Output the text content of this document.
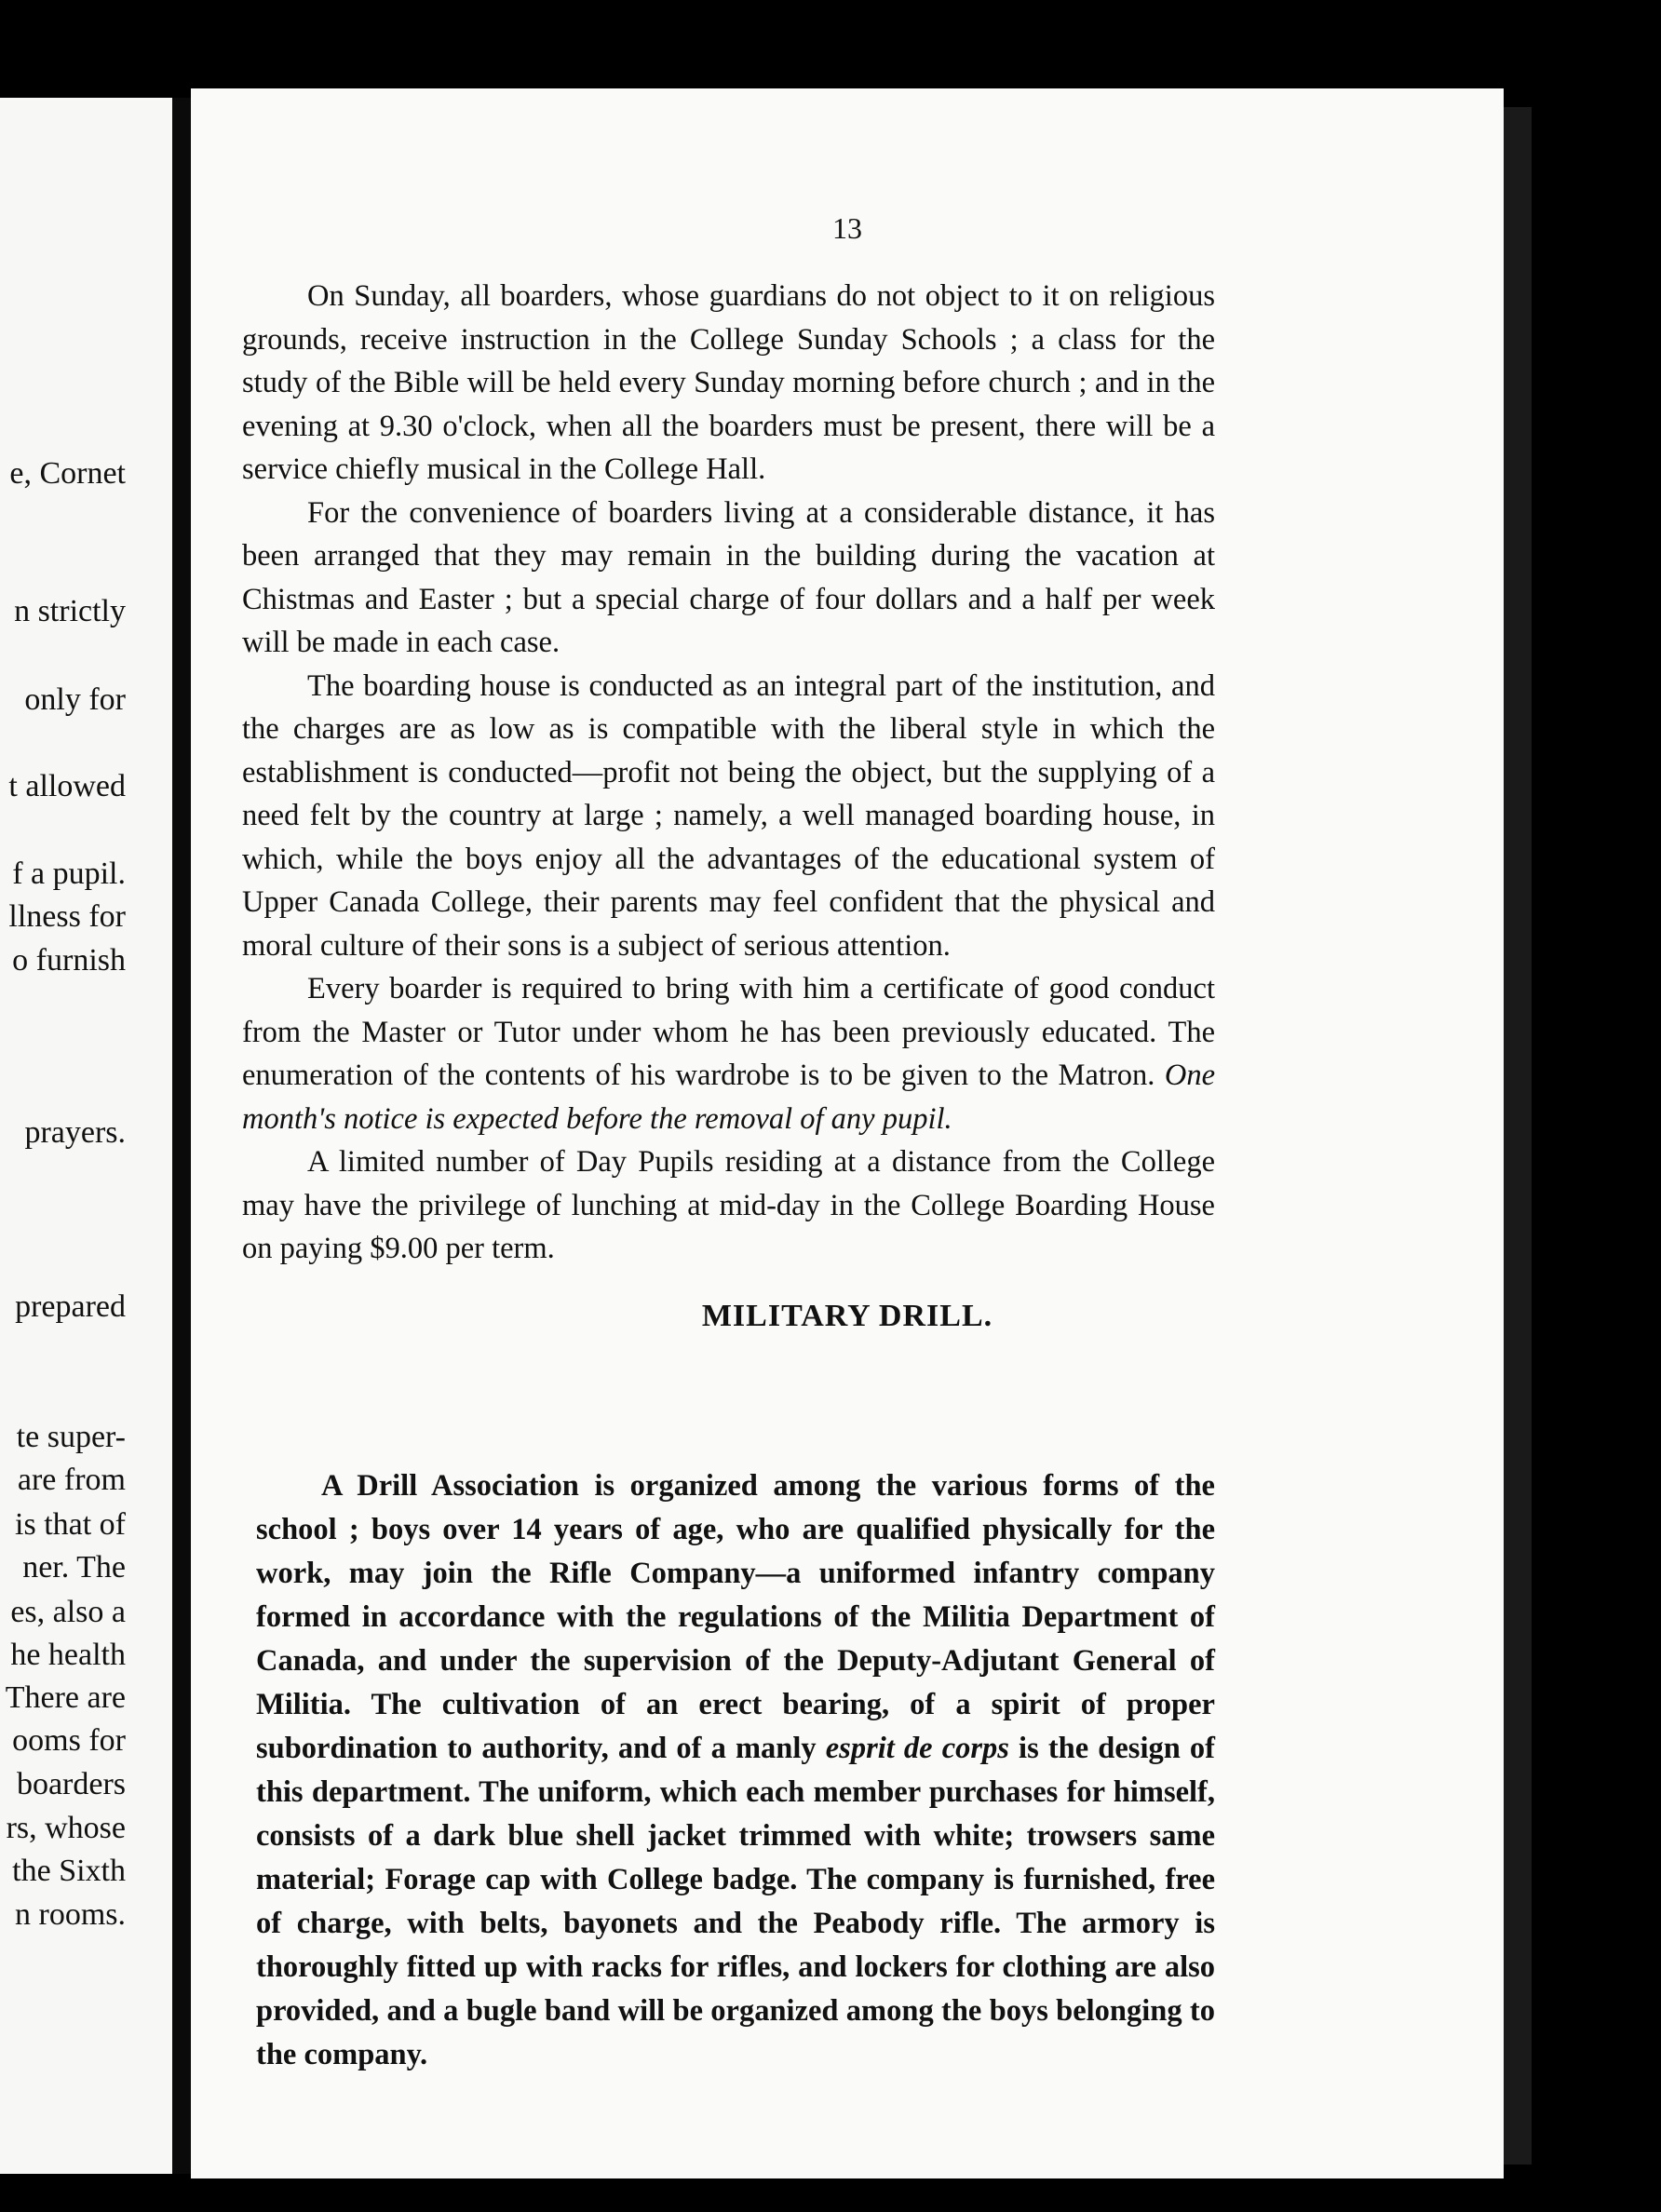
e, Cornet
n strictly
only for
t allowed
f a pupil.
llness for
o furnish
prayers.
prepared
te super-
are from
is that of
ner. The
es, also a
he health
There are
ooms for
boarders
rs, whose
the Sixth
n rooms.
13

On Sunday, all boarders, whose guardians do not object to it on religious grounds, receive instruction in the College Sunday Schools ; a class for the study of the Bible will be held every Sunday morning before church ; and in the evening at 9.30 o'clock, when all the boarders must be present, there will be a service chiefly musical in the College Hall.

For the convenience of boarders living at a considerable distance, it has been arranged that they may remain in the building during the vacation at Chistmas and Easter ; but a special charge of four dollars and a half per week will be made in each case.

The boarding house is conducted as an integral part of the institution, and the charges are as low as is compatible with the liberal style in which the establishment is conducted—profit not being the object, but the supplying of a need felt by the country at large ; namely, a well managed boarding house, in which, while the boys enjoy all the advantages of the educational system of Upper Canada College, their parents may feel confident that the physical and moral culture of their sons is a subject of serious attention.

Every boarder is required to bring with him a certificate of good conduct from the Master or Tutor under whom he has been previously educated. The enumeration of the contents of his wardrobe is to be given to the Matron. One month's notice is expected before the removal of any pupil.

A limited number of Day Pupils residing at a distance from the College may have the privilege of lunching at mid-day in the College Boarding House on paying $9.00 per term.

MILITARY DRILL.

A Drill Association is organized among the various forms of the school ; boys over 14 years of age, who are qualified physically for the work, may join the Rifle Company—a uniformed infantry company formed in accordance with the regulations of the Militia Department of Canada, and under the supervision of the Deputy-Adjutant General of Militia. The cultivation of an erect bearing, of a spirit of proper subordination to authority, and of a manly esprit de corps is the design of this department. The uniform, which each member purchases for himself, consists of a dark blue shell jacket trimmed with white; trowsers same material; Forage cap with College badge. The company is furnished, free of charge, with belts, bayonets and the Peabody rifle. The armory is thoroughly fitted up with racks for rifles, and lockers for clothing are also provided, and a bugle band will be organized among the boys belonging to the company.
